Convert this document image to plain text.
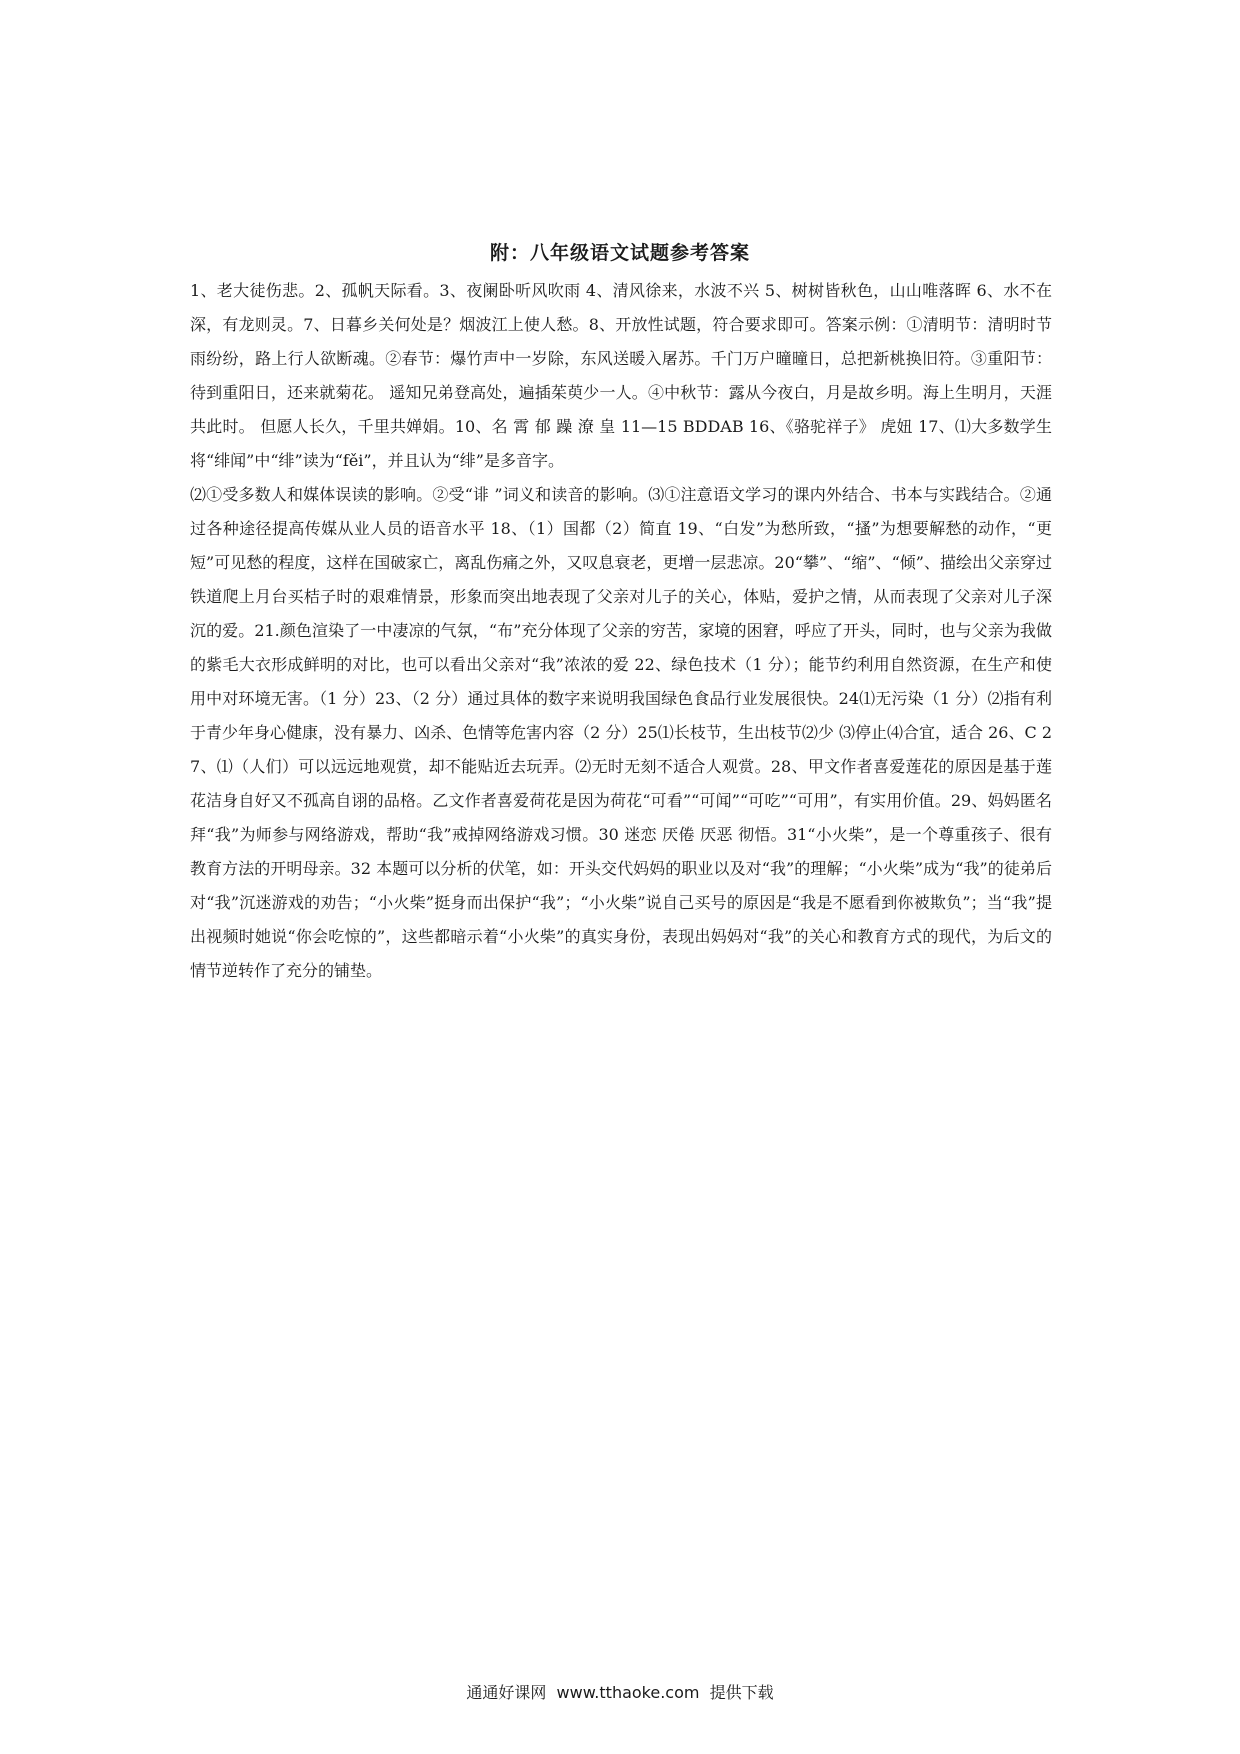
附：八年级语文试题参考答案

1、老大徒伤悲。2、孤帆天际看。3、夜阑卧听风吹雨 4、清风徐来，水波不兴 5、树树皆秋色，山山唯落晖 6、水不在深，有龙则灵。7、日暮乡关何处是？烟波江上使人愁。8、开放性试题，符合要求即可。答案示例：①清明节：清明时节雨纷纷，路上行人欲断魂。②春节：爆竹声中一岁除，东风送暖入屠苏。千门万户曈曈日，总把新桃换旧符。③重阳节：待到重阳日，还来就菊花。 遥知兄弟登高处，遍插茱萸少一人。④中秋节：露从今夜白，月是故乡明。海上生明月，天涯共此时。 但愿人长久，千里共婵娟。10、名 霄 郁 躁 潦 皇 11—15 BDDAB 16、《骆驼祥子》 虎妞 17、⑴大多数学生将“绯闻”中“绯”读为“fěi”，并且认为“绯”是多音字。

⑵①受多数人和媒体误读的影响。②受“诽 ”词义和读音的影响。⑶①注意语文学习的课内外结合、书本与实践结合。②通过各种途径提高传媒从业人员的语音水平 18、（1）国都（2）简直 19、“白发”为愁所致，“搔”为想要解愁的动作，“更短”可见愁的程度，这样在国破家亡，离乱伤痛之外，又叹息衰老，更增一层悲凉。20“攀”、“缩”、“倾”、描绘出父亲穿过铁道爬上月台买桔子时的艰难情景，形象而突出地表现了父亲对儿子的关心，体贴，爱护之情，从而表现了父亲对儿子深沉的爱。21.颜色渲染了一中凄凉的气氛，“布”充分体现了父亲的穷苦，家境的困窘，呼应了开头，同时，也与父亲为我做的紫毛大衣形成鲜明的对比，也可以看出父亲对“我”浓浓的爱 22、绿色技术（1 分）；能节约利用自然资源，在生产和使用中对环境无害。（1 分）23、（2 分）通过具体的数字来说明我国绿色食品行业发展很快。24⑴无污染（1 分）⑵指有利于青少年身心健康，没有暴力、凶杀、色情等危害内容（2 分）25⑴长枝节，生出枝节⑵少 ⑶停止⑷合宜，适合 26、C 27、⑴（人们）可以远远地观赏，却不能贴近去玩弄。⑵无时无刻不适合人观赏。28、甲文作者喜爱莲花的原因是基于莲花洁身自好又不孤高自诩的品格。乙文作者喜爱荷花是因为荷花“可看”“可闻”“可吃”“可用”，有实用价值。29、妈妈匿名拜“我”为师参与网络游戏，帮助“我”戒掉网络游戏习惯。30 迷恋 厌倦 厌恶 彻悟。31“小火柴”，是一个尊重孩子、很有教育方法的开明母亲。32 本题可以分析的伏笔，如：开头交代妈妈的职业以及对“我”的理解；“小火柴”成为“我”的徒弟后对“我”沉迷游戏的劝告；“小火柴”挺身而出保护“我”；“小火柴”说自己买号的原因是“我是不愿看到你被欺负”；当“我”提出视频时她说“你会吃惊的”，这些都暗示着“小火柴”的真实身份，表现出妈妈对“我”的关心和教育方式的现代，为后文的情节逆转作了充分的铺垫。

通通好课网  www.tthaoke.com  提供下载
